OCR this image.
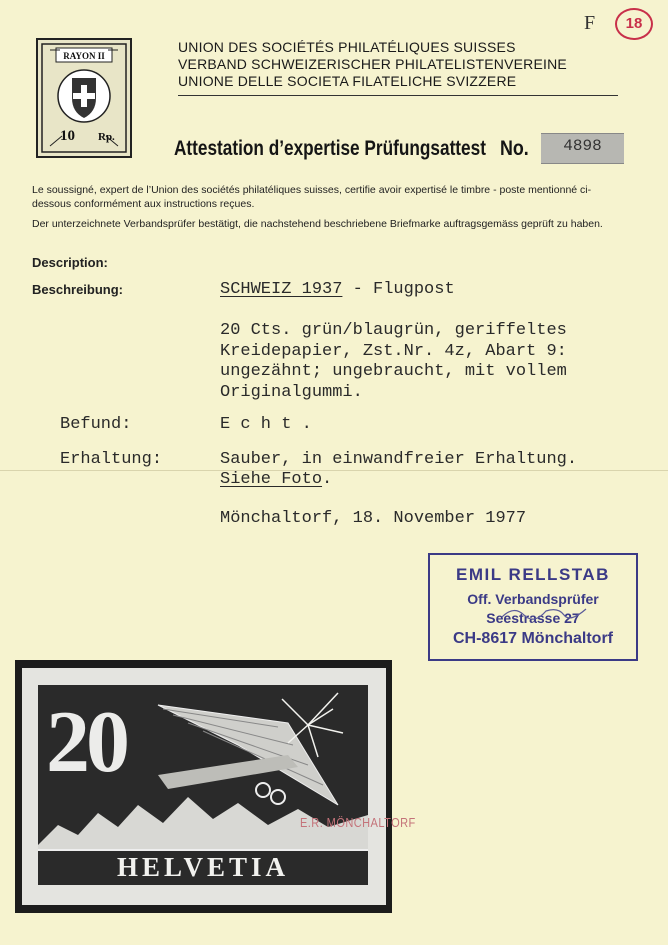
RAYON II
10 Rp.
UNION DES SOCIÉTÉS PHILATÉLIQUES SUISSES
VERBAND SCHWEIZERISCHER PHILATELISTENVEREINE
UNIONE DELLE SOCIETA FILATELICHE SVIZZERE
F	18
Attestation d’expertise Prüfungsattest No.	4898
Le soussigné, expert de l’Union des sociétés philatéliques suisses, certifie avoir expertisé le timbre - poste mentionné ci-dessous conformément aux instructions reçues.
Der unterzeichnete Verbandsprüfer bestätigt, die nachstehend beschriebene Briefmarke auftragsgemäss geprüft zu haben.
Description:
Beschreibung:	SCHWEIZ 1937 - Flugpost
20 Cts. grün/blaugrün, geriffeltes
Kreidepapier, Zst.Nr. 4z, Abart 9:
ungezähnt; ungebraucht, mit vollem
Originalgummi.
Befund:	E c h t .
Erhaltung:	Sauber, in einwandfreier Erhaltung.
Siehe Foto.
Mönchaltorf, 18. November 1977
EMIL RELLSTAB
Off. Verbandsprüfer
Seestrasse 27
CH-8617 Mönchaltorf
20
HELVETIA
E.R. MÖNCHALTORF
